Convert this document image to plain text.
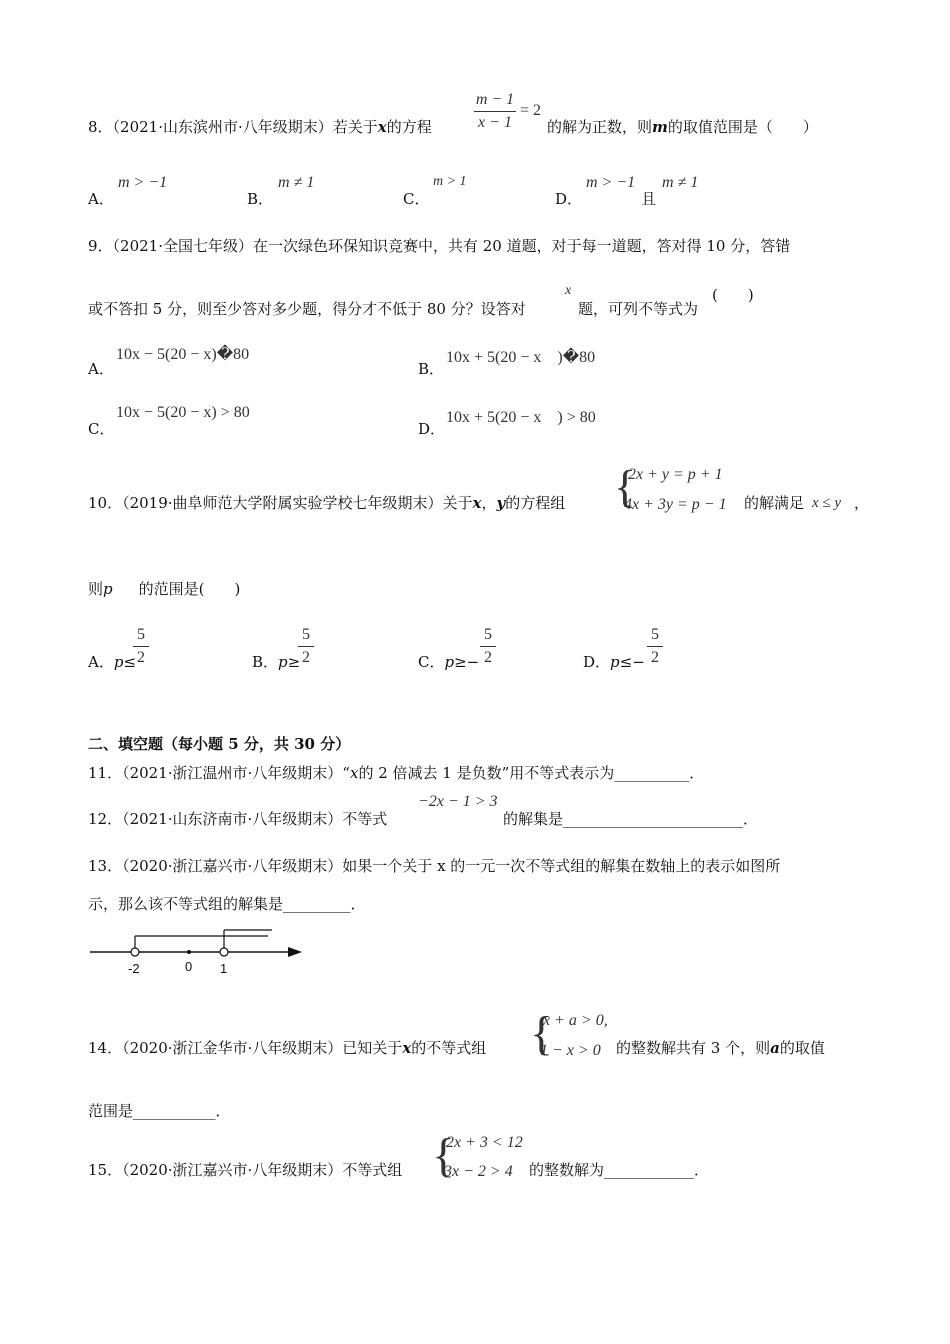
8．（2021·山东滨州市·八年级期末）若关于x的方程
m − 1
x − 1
= 2
的解为正数，则m的取值范围是（　　）
A．
m > −1
B．
m ≠ 1
C．
m > 1
D．
m > −1
且
m ≠ 1
9．（2021·全国七年级）在一次绿色环保知识竞赛中，共有 20 道题，对于每一道题，答对得 10 分，答错
或不答扣 5 分，则至少答对多少题，得分才不低于 80 分？设答对
x
题，可列不等式为
(　　)
A．
10x − 5(20 − x)�80
B．
10x + 5(20 − x　)�80
C．
10x − 5(20 − x) > 80
D．
10x + 5(20 − x　) > 80
10．（2019·曲阜师范大学附属实验学校七年级期末）关于x，y的方程组 {
2x + y = p + 1
4x + 3y = p − 1 的解满足 x ≤ y ，
则p 的范围是(　　)
A．p≤
5
2	B．p≥
5
2	C．p≥−
5
2	D．p≤−
5
2
二、填空题（每小题 5 分，共 30 分）
11．（2021·浙江温州市·八年级期末）“x的 2 倍减去 1 是负数”用不等式表示为__________．
12．（2021·山东济南市·八年级期末）不等式
−2x − 1 > 3
的解集是________________________．
13．（2020·浙江嘉兴市·八年级期末）如果一个关于 x 的一元一次不等式组的解集在数轴上的表示如图所
示，那么该不等式组的解集是_________．
-2	0 1
14．（2020·浙江金华市·八年级期末）已知关于x的不等式组 {
x + a > 0,
1 − x > 0 的整数解共有 3 个，则a的取值
范围是___________．
15．（2020·浙江嘉兴市·八年级期末）不等式组 {
2x + 3 < 12
3x − 2 > 4 的整数解为____________．
